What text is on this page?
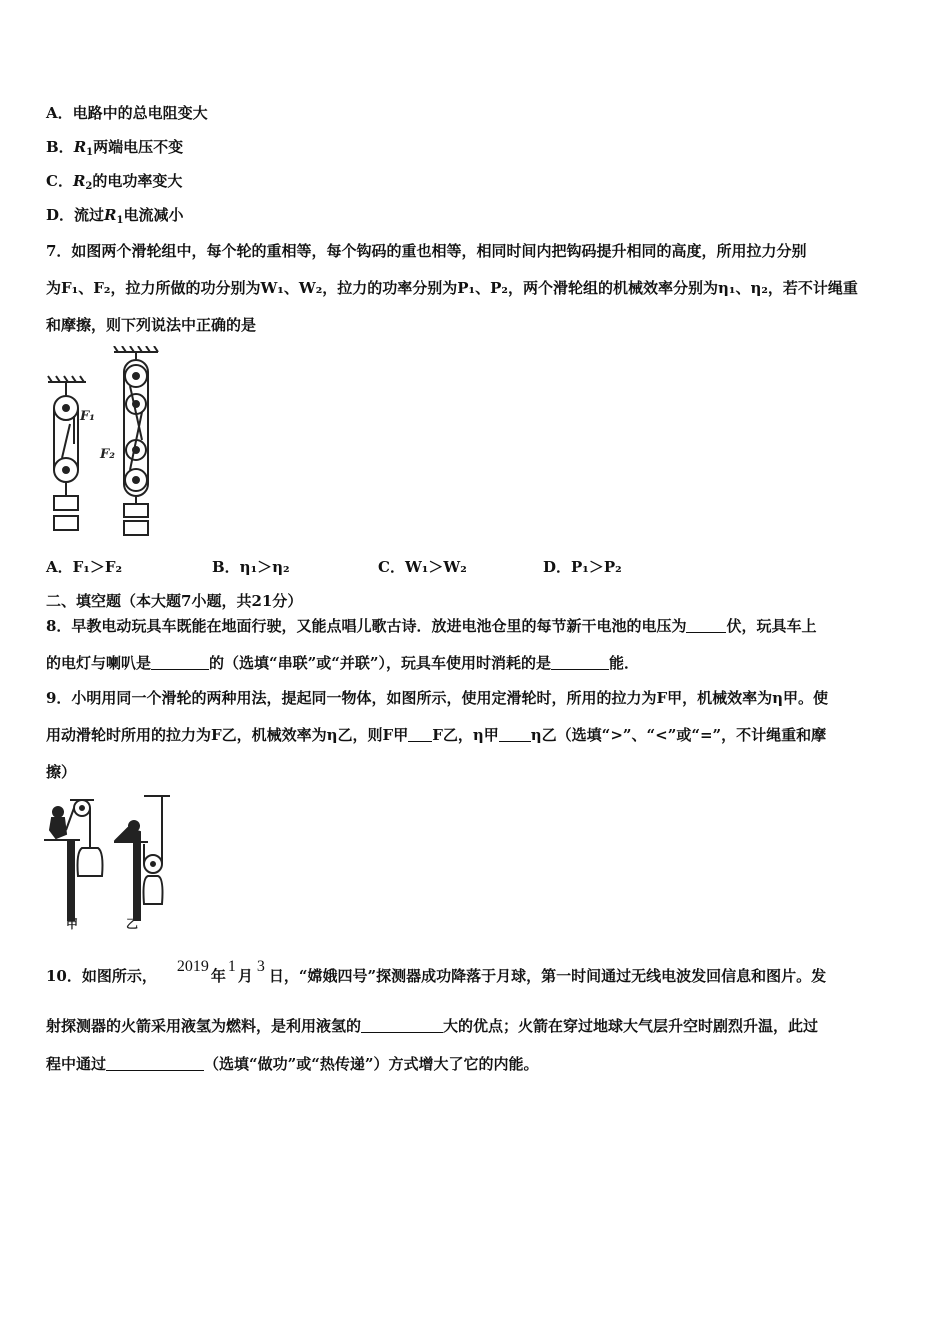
A．电路中的总电阻变大
B．$R_1$两端电压不变
C．$R_2$的电功率变大
D．流过$R_1$电流减小
7．如图两个滑轮组中，每个轮的重相等，每个钩码的重也相等，相同时间内把钩码提升相同的高度，所用拉力分别
为F₁、F₂，拉力所做的功分别为W₁、W₂，拉力的功率分别为P₁、P₂，两个滑轮组的机械效率分别为η₁、η₂，若不计绳重
和摩擦，则下列说法中正确的是
F₁
F₂
A．F₁＞F₂	B．η₁＞η₂	C．W₁＞W₂	D．P₁＞P₂
二、填空题（本大题7小题，共21分）
8．早教电动玩具车既能在地面行驶，又能点唱儿歌古诗．放进电池仓里的每节新干电池的电压为	伏，玩具车上
的电灯与喇叭是	的（选填“串联”或“并联”），玩具车使用时消耗的是	能．
9．小明用同一个滑轮的两种用法，提起同一物体，如图所示，使用定滑轮时，所用的拉力为F甲，机械效率为η甲。使
用动滑轮时所用的拉力为F乙，机械效率为η乙，则F甲 F乙，η甲 η乙（选填“>”、“<”或“=”，不计绳重和摩
擦）
甲	乙
10．如图所示，2019年1月3日，“嫦娥四号”探测器成功降落于月球，第一时间通过无线电波发回信息和图片。发
射探测器的火箭采用液氢为燃料，是利用液氢的	大的优点；火箭在穿过地球大气层升空时剧烈升温，此过
程中通过	（选填“做功”或“热传递”）方式增大了它的内能。
